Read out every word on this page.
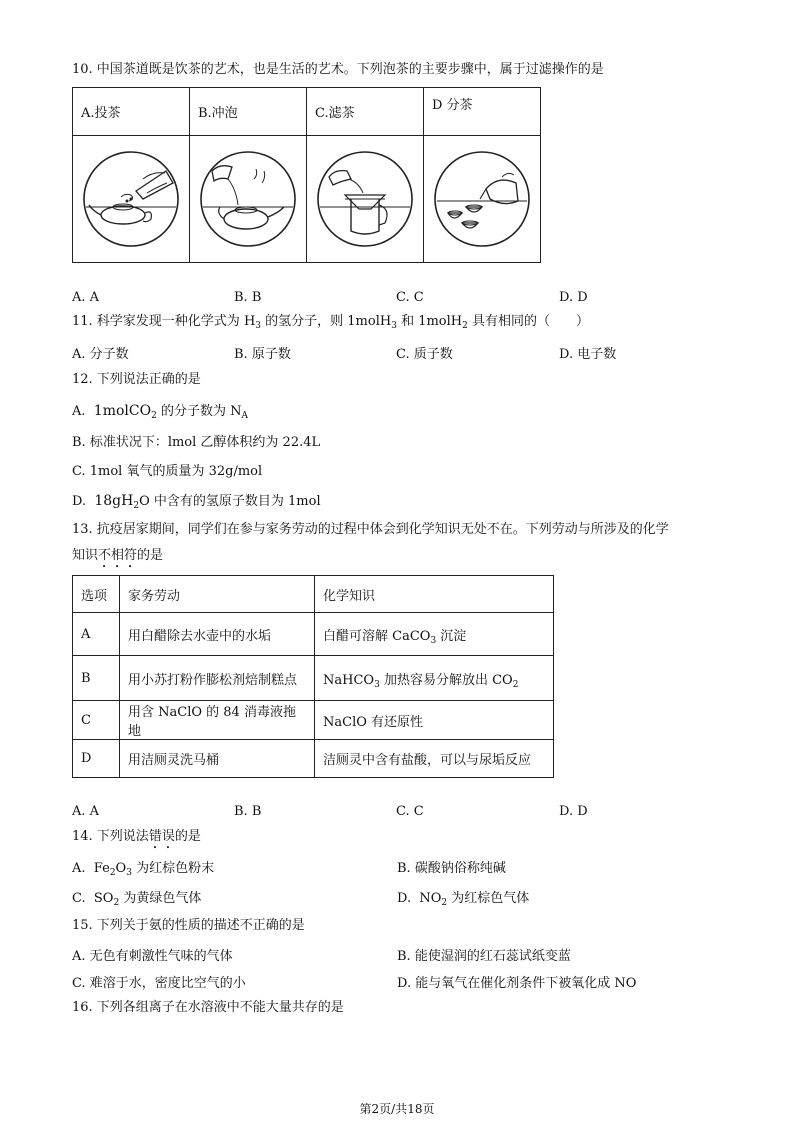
10. 中国茶道既是饮茶的艺术，也是生活的艺术。下列泡茶的主要步骤中，属于过滤操作的是
A.投茶	B.冲泡	C.滤茶	D 分茶

A. A	B. B	C. C	D. D
11. 科学家发现一种化学式为 $H_3$ 的氢分子，则 1molH$_3$ 和 1molH$_2$ 具有相同的（　　）
A. 分子数	B. 原子数	C. 质子数	D. 电子数
12. 下列说法正确的是
A. 1molCO$_2$ 的分子数为 $N_A$
B. 标准状况下：lmol 乙醇体积约为 22.4L
C. 1mol 氧气的质量为 32g/mol
D. $18gH_2O$ 中含有的氢原子数目为 1mol
13. 抗疫居家期间，同学们在参与家务劳动的过程中体会到化学知识无处不在。下列劳动与所涉及的化学
知识不相符的是
选项	家务劳动	化学知识
A	用白醋除去水壶中的水垢	白醋可溶解 CaCO$_3$ 沉淀
B	用小苏打粉作膨松剂焙制糕点	NaHCO$_3$ 加热容易分解放出 $CO_2$
C	用含 NaClO 的 84 消毒液拖地	NaClO 有还原性
D	用洁厕灵洗马桶	洁厕灵中含有盐酸，可以与尿垢反应
A. A	B. B	C. C	D. D
14. 下列说法错误的是
A. $Fe_2O_3$ 为红棕色粉末	B. 碳酸钠俗称纯碱
C. $SO_2$ 为黄绿色气体	D. $NO_2$ 为红棕色气体
15. 下列关于氨的性质的描述不正确的是
A. 无色有刺激性气味的气体	B. 能使湿润的红石蕊试纸变蓝
C. 难溶于水，密度比空气的小	D. 能与氧气在催化剂条件下被氧化成 NO
16. 下列各组离子在水溶液中不能大量共存的是
第2页/共18页
